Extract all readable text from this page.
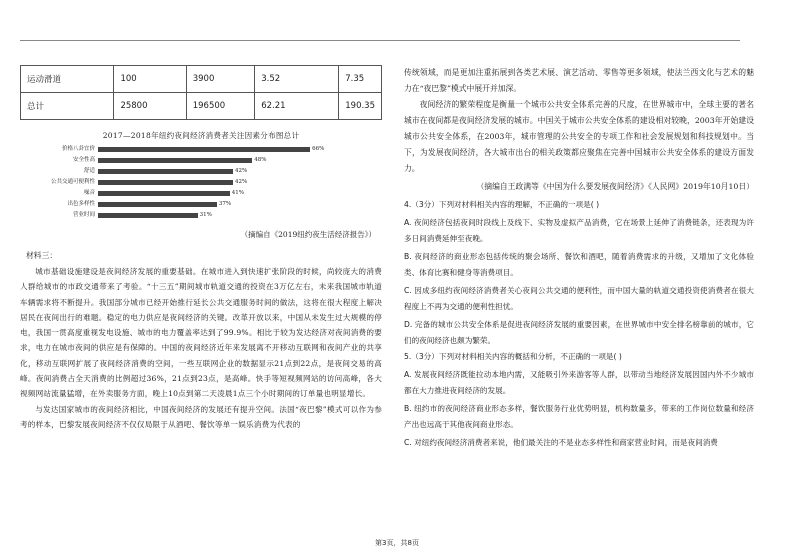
运动滑道	100	3900	3.52	7.35
总计	25800	196500	62.21	190.35
2017—2018年纽约夜间经济消费者关注因素分布图总计
价格八卦宜价	66%
安全性高	48%
舒适	42%
公共交通可便利性	42%
噪音	41%
出色多样性	37%
营业时间	31%
（摘编自《2019纽约夜生活经济报告》）
材料三：

城市基础设施建设是夜间经济发展的重要基础。在城市进入到快速扩张阶段的时候，尚较庞大的消费人群给城市的市政交通带来了考验。“十三五”期间城市轨道交通的投资在3万亿左右，未来我国城市轨道车辆需求将不断提升。我国部分城市已经开始推行延长公共交通服务时间的做法，这将在很大程度上解决居民在夜间出行的难题。稳定的电力供应是夜间经济的关键。改革开放以来，中国从未发生过大规模的停电，我国一贯高度重视发电设施、城市的电力覆盖率达到了99.9%。相比于较为发达经济对夜间消费的要求，电力在城市夜间的供应是有保障的。中国的夜间经济近年来发展离不开移动互联网和夜间产业的共享化，移动互联网扩展了夜间经济消费的空间，一些互联网企业的数据显示21点到22点，是夜间交易的高峰。夜间消费占全天消费的比例超过36%，21点到23点，是高峰。快手等短视频网站的访问高峰，各大视频网站流量猛增，在外卖服务方面，晚上10点到第二天凌晨1点三个小时期间的订单量也明显增长。

与发达国家城市的夜间经济相比，中国夜间经济的发展还有提升空间。法国“夜巴黎”模式可以作为参考的样本，巴黎发展夜间经济不仅仅局限于从酒吧、餐饮等单一娱乐消费为代表的

传统领域，而是更加注重拓展到各类艺术展、演艺活动、零售等更多领域，使法兰西文化与艺术的魅力在“夜巴黎”模式中展开并加深。

夜间经济的繁荣程度是衡量一个城市公共安全体系完善的尺度，在世界城市中，全球主要的著名城市在夜间都是夜间经济发展的城市。中国关于城市公共安全体系的建设相对较晚，2003年开始建设城市公共安全体系，在2003年，城市管理的公共安全的专项工作和社会发展规划和科技规划中。当下，为发展夜间经济，各大城市出台的相关政策都应聚焦在完善中国城市公共安全体系的建设方面发力。

（摘编自王政满等《中国为什么要发展夜间经济》《人民网》2019年10月10日）

4.（3分）下列对材料相关内容的理解，不正确的一项是( )

A. 夜间经济包括夜间时段线上及线下、实物及虚拟产品消费，它在场景上延伸了消费链条，还表现为许多日间消费延伸至夜晚。

B. 夜间经济的商业形态包括传统的聚会场所、餐饮和酒吧，随着消费需求的升级，又增加了文化体验类、体育比赛和健身等消费项目。

C. 因成多纽约夜间经济消费者关心夜间公共交通的便利性，而中国大量的轨道交通投资使消费者在很大程度上不再为交通的便利性担忧。

D. 完备的城市公共安全体系是促进夜间经济发展的重要因素，在世界城市中安全排名榜靠前的城市，它们的夜间经济也颇为繁荣。

5.（3分）下列对材料相关内容的概括和分析，不正确的一项是( )

A. 发展夜间经济既能拉动本地内需，又能吸引外来游客等人群，以带动当地经济发展因国内外不少城市都在大力推进夜间经济的发展。

B. 纽约市的夜间经济商业形态多样，餐饮服务行业优势明显，机构数量多，带来的工作岗位数量和经济产出也远高于其他夜间商业形态。

C. 对纽约夜间经济消费者来说，他们最关注的不是业态多样性和商家营业时间，而是夜间消费

第3页，共8页
